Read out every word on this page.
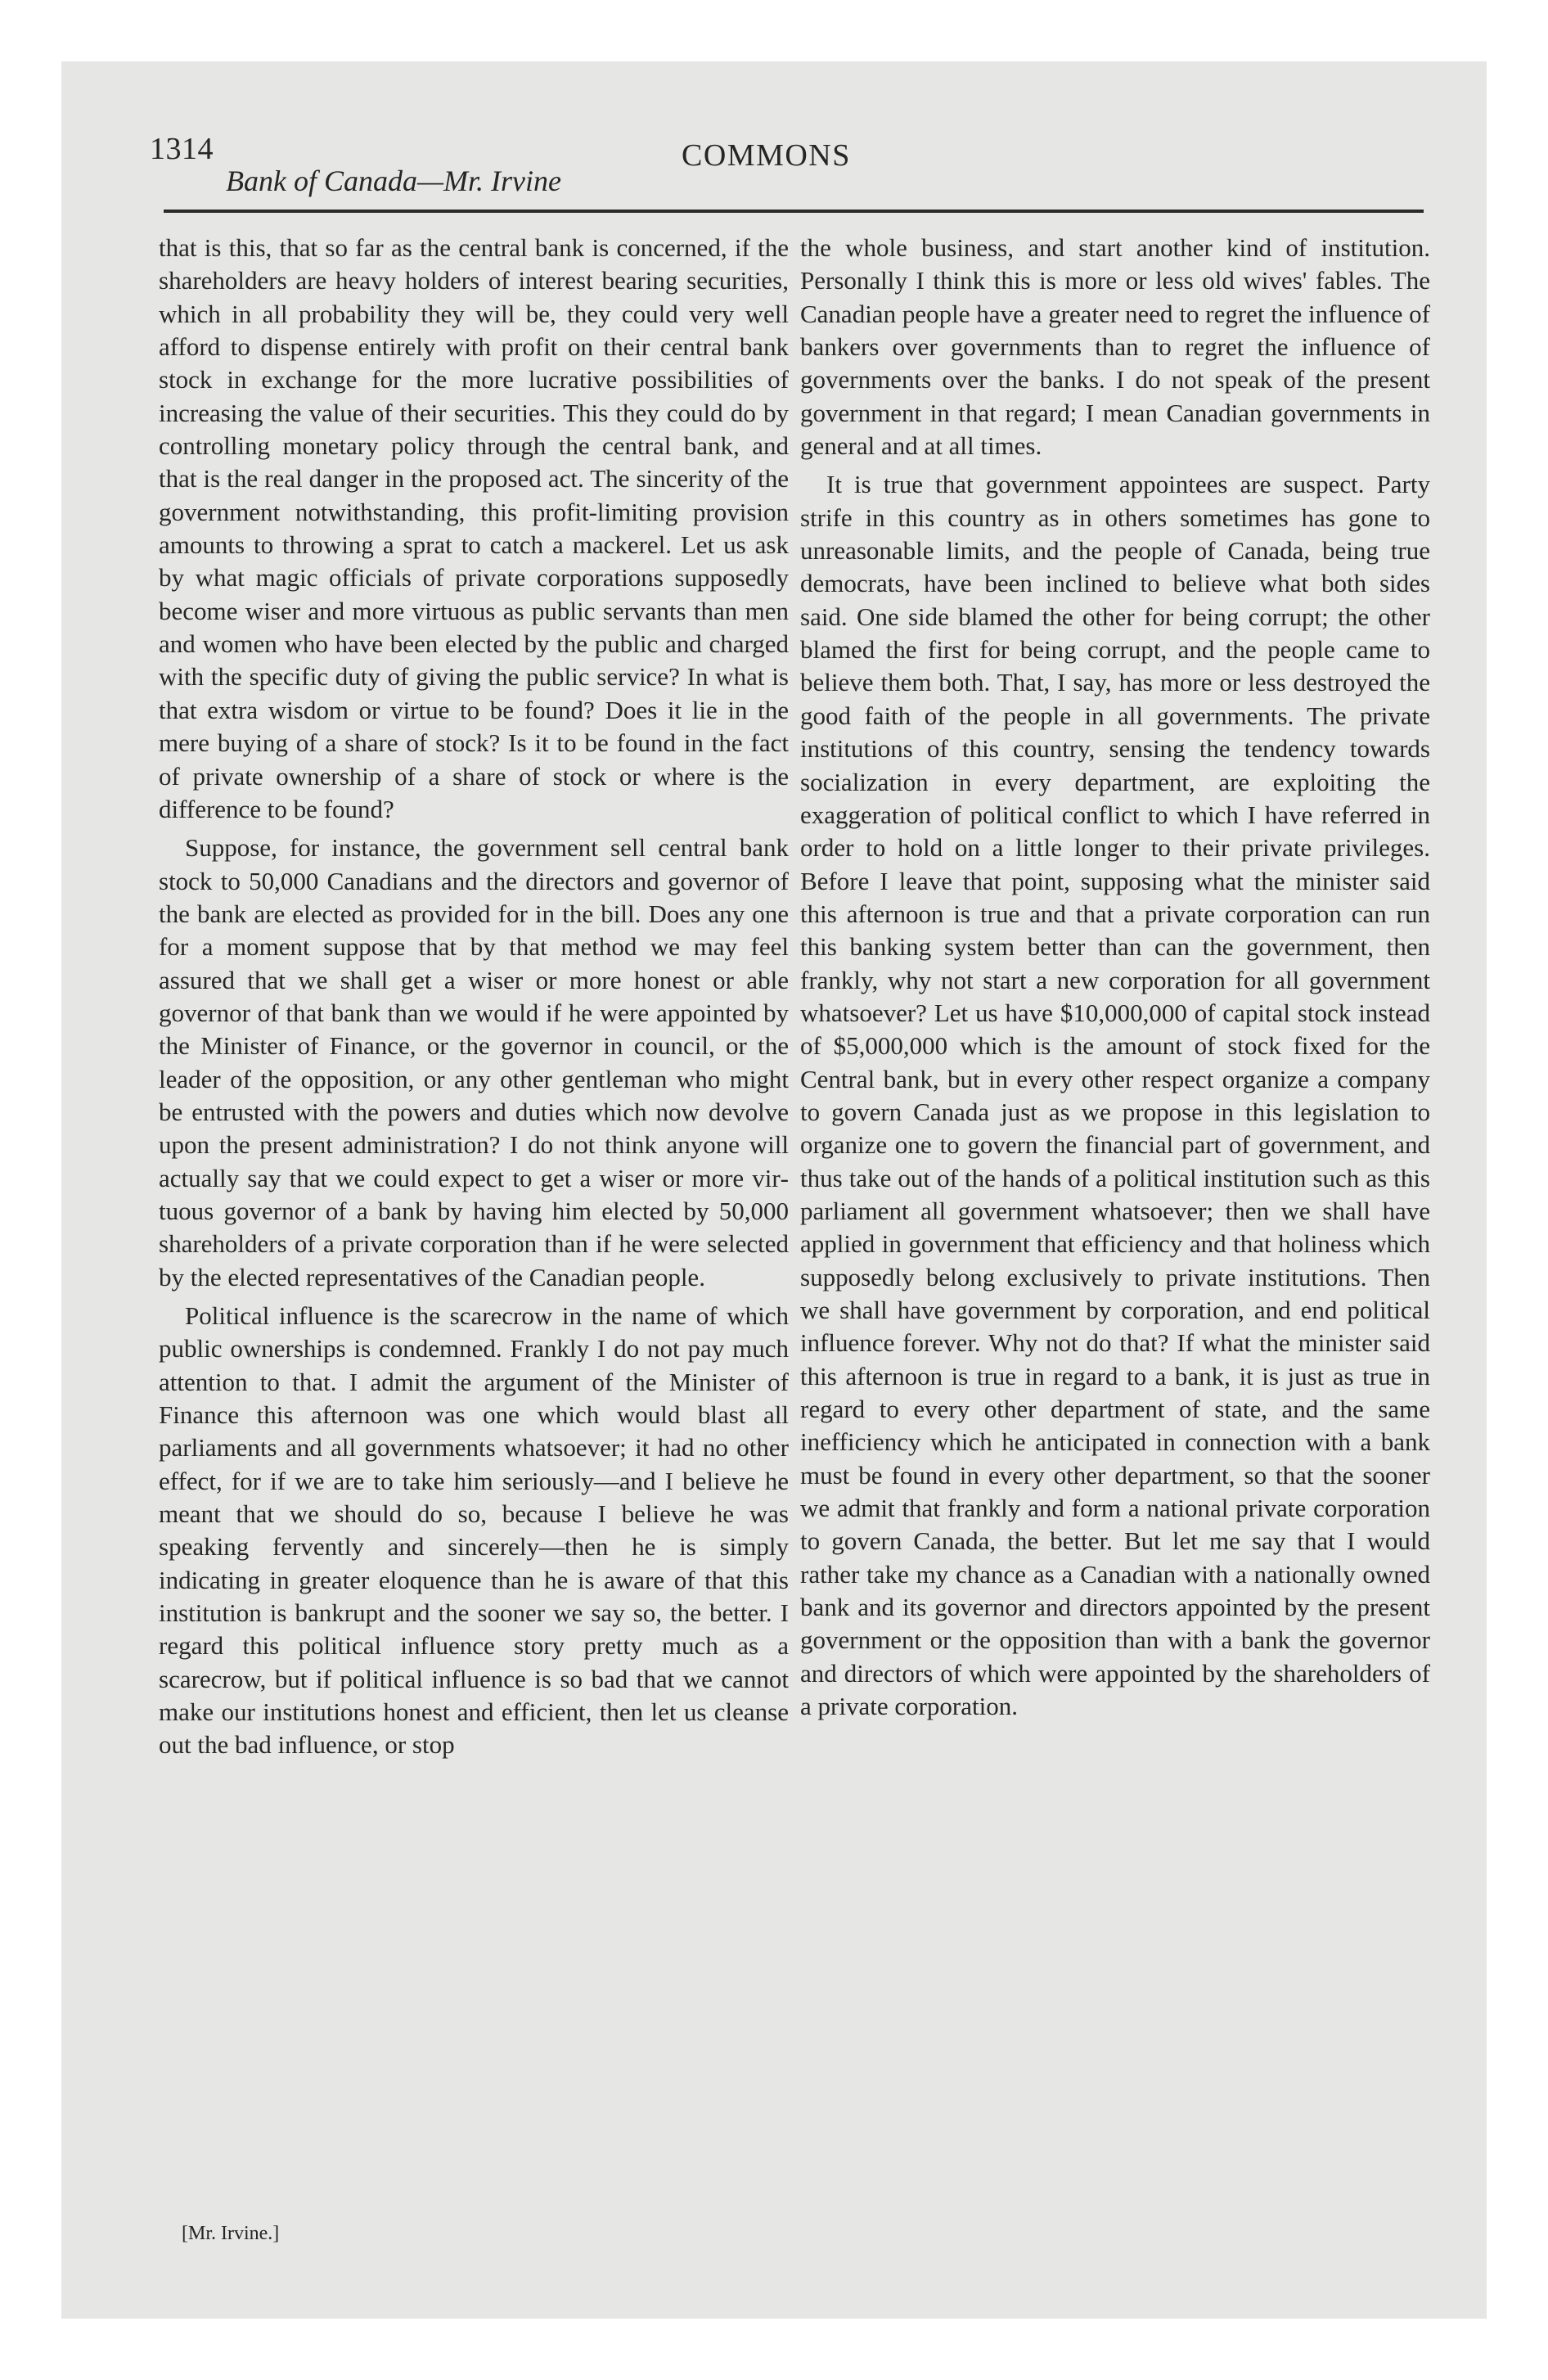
1314	COMMONS
Bank of Canada—Mr. Irvine

that is this, that so far as the central bank is concerned, if the shareholders are heavy holders of interest bearing securities, which in all probability they will be, they could very well afford to dispense entirely with profit on their central bank stock in exchange for the more lucrative possibilities of increasing the value of their securities. This they could do by controlling monetary policy through the central bank, and that is the real danger in the proposed act. The sincerity of the government notwithstanding, this profit-limiting provision amounts to throwing a sprat to catch a mackerel. Let us ask by what magic officials of private corporations supposedly become wiser and more virtuous as public servants than men and women who have been elected by the public and charged with the specific duty of giving the public service? In what is that extra wisdom or virtue to be found? Does it lie in the mere buying of a share of stock? Is it to be found in the fact of private ownership of a share of stock or where is the difference to be found?

Suppose, for instance, the government sell central bank stock to 50,000 Canadians and the directors and governor of the bank are elected as provided for in the bill. Does any one for a moment suppose that by that method we may feel assured that we shall get a wiser or more honest or able governor of that bank than we would if he were appointed by the Minister of Finance, or the governor in council, or the leader of the opposition, or any other gentleman who might be entrusted with the powers and duties which now devolve upon the present administration? I do not think anyone will actually say that we could expect to get a wiser or more virtuous governor of a bank by having him elected by 50,000 shareholders of a private corporation than if he were selected by the elected representatives of the Canadian people.

Political influence is the scarecrow in the name of which public ownerships is condemned. Frankly I do not pay much attention to that. I admit the argument of the Minister of Finance this afternoon was one which would blast all parliaments and all governments whatsoever; it had no other effect, for if we are to take him seriously—and I believe he meant that we should do so, because I believe he was speaking fervently and sincerely—then he is simply indicating in greater eloquence than he is aware of that this institution is bankrupt and the sooner we say so, the better. I regard this political influence story pretty much as a scarecrow, but if political influence is so bad that we cannot make our institutions honest and efficient, then let us cleanse out the bad influence, or stop

the whole business, and start another kind of institution. Personally I think this is more or less old wives' fables. The Canadian people have a greater need to regret the influence of bankers over governments than to regret the influence of governments over the banks. I do not speak of the present government in that regard; I mean Canadian governments in general and at all times.

It is true that government appointees are suspect. Party strife in this country as in others sometimes has gone to unreasonable limits, and the people of Canada, being true democrats, have been inclined to believe what both sides said. One side blamed the other for being corrupt; the other blamed the first for being corrupt, and the people came to believe them both. That, I say, has more or less destroyed the good faith of the people in all governments. The private institutions of this country, sensing the tendency towards socialization in every department, are exploiting the exaggeration of political conflict to which I have referred in order to hold on a little longer to their private privileges. Before I leave that point, supposing what the minister said this afternoon is true and that a private corporation can run this banking system better than can the government, then frankly, why not start a new corporation for all government whatsoever? Let us have $10,000,000 of capital stock instead of $5,000,000 which is the amount of stock fixed for the Central bank, but in every other respect organize a company to govern Canada just as we propose in this legislation to organize one to govern the financial part of government, and thus take out of the hands of a political institution such as this parliament all government whatsoever; then we shall have applied in government that efficiency and that holiness which supposedly belong exclusively to private institutions. Then we shall have government by corporation, and end political influence forever. Why not do that? If what the minister said this afternoon is true in regard to a bank, it is just as true in regard to every other department of state, and the same inefficiency which he anticipated in connection with a bank must be found in every other department, so that the sooner we admit that frankly and form a national private corporation to govern Canada, the better. But let me say that I would rather take my chance as a Canadian with a nationally owned bank and its governor and directors appointed by the present government or the opposition than with a bank the governor and directors of which were appointed by the shareholders of a private corporation.

[Mr. Irvine.]
